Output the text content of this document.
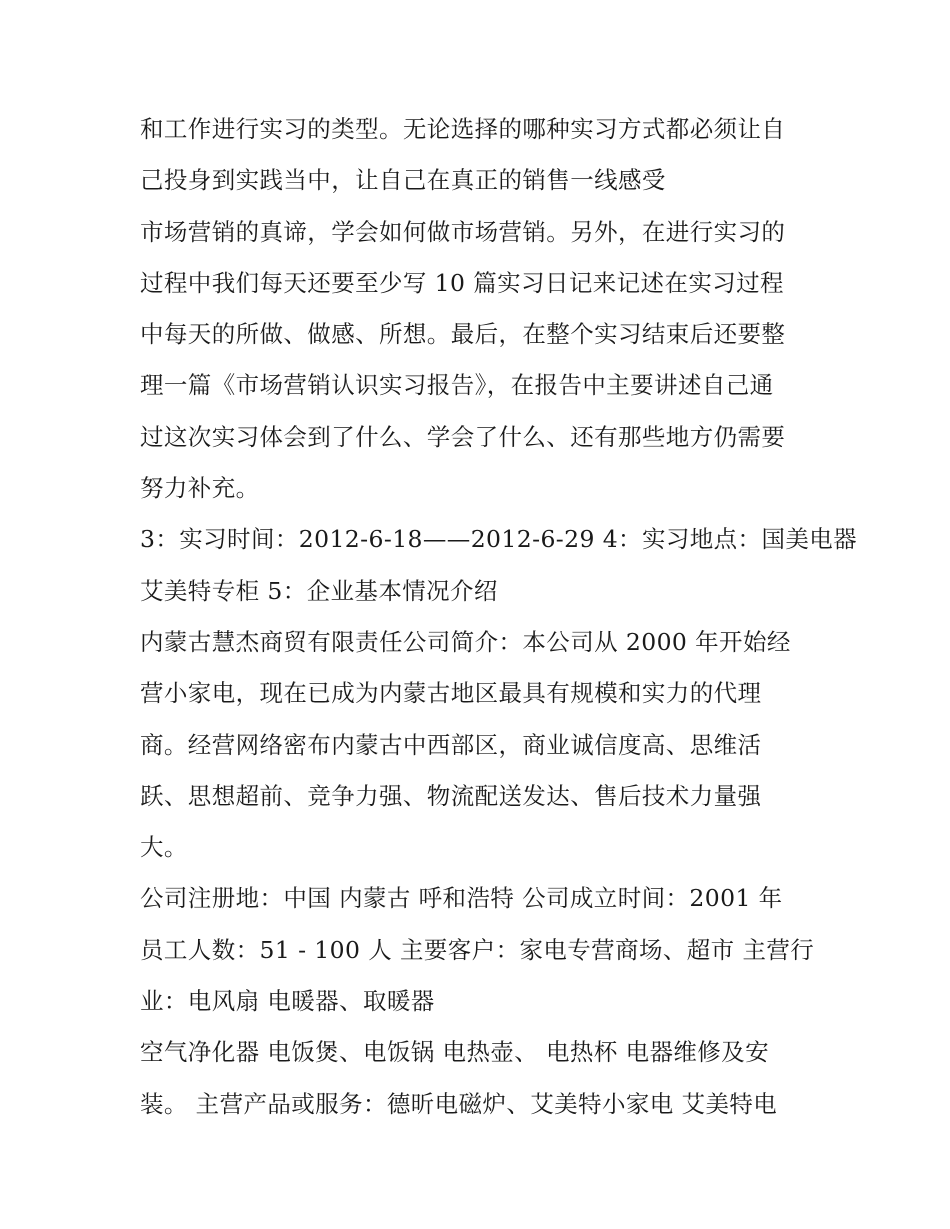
和工作进行实习的类型。无论选择的哪种实习方式都必须让自
己投身到实践当中，让自己在真正的销售一线感受
市场营销的真谛，学会如何做市场营销。另外，在进行实习的
过程中我们每天还要至少写 10 篇实习日记来记述在实习过程
中每天的所做、做感、所想。最后，在整个实习结束后还要整
理一篇《市场营销认识实习报告》，在报告中主要讲述自己通
过这次实习体会到了什么、学会了什么、还有那些地方仍需要
努力补充。
3：实习时间：2012-6-18——2012-6-29 4：实习地点：国美电器
艾美特专柜 5：企业基本情况介绍
内蒙古慧杰商贸有限责任公司简介：本公司从 2000 年开始经
营小家电，现在已成为内蒙古地区最具有规模和实力的代理
商。经营网络密布内蒙古中西部区，商业诚信度高、思维活
跃、思想超前、竞争力强、物流配送发达、售后技术力量强
大。
公司注册地：中国 内蒙古 呼和浩特 公司成立时间：2001 年
员工人数：51 - 100 人 主要客户：家电专营商场、超市 主营行
业：电风扇 电暖器、取暖器
空气净化器 电饭煲、电饭锅 电热壶、 电热杯 电器维修及安
装。 主营产品或服务：德昕电磁炉、艾美特小家电 艾美特电
